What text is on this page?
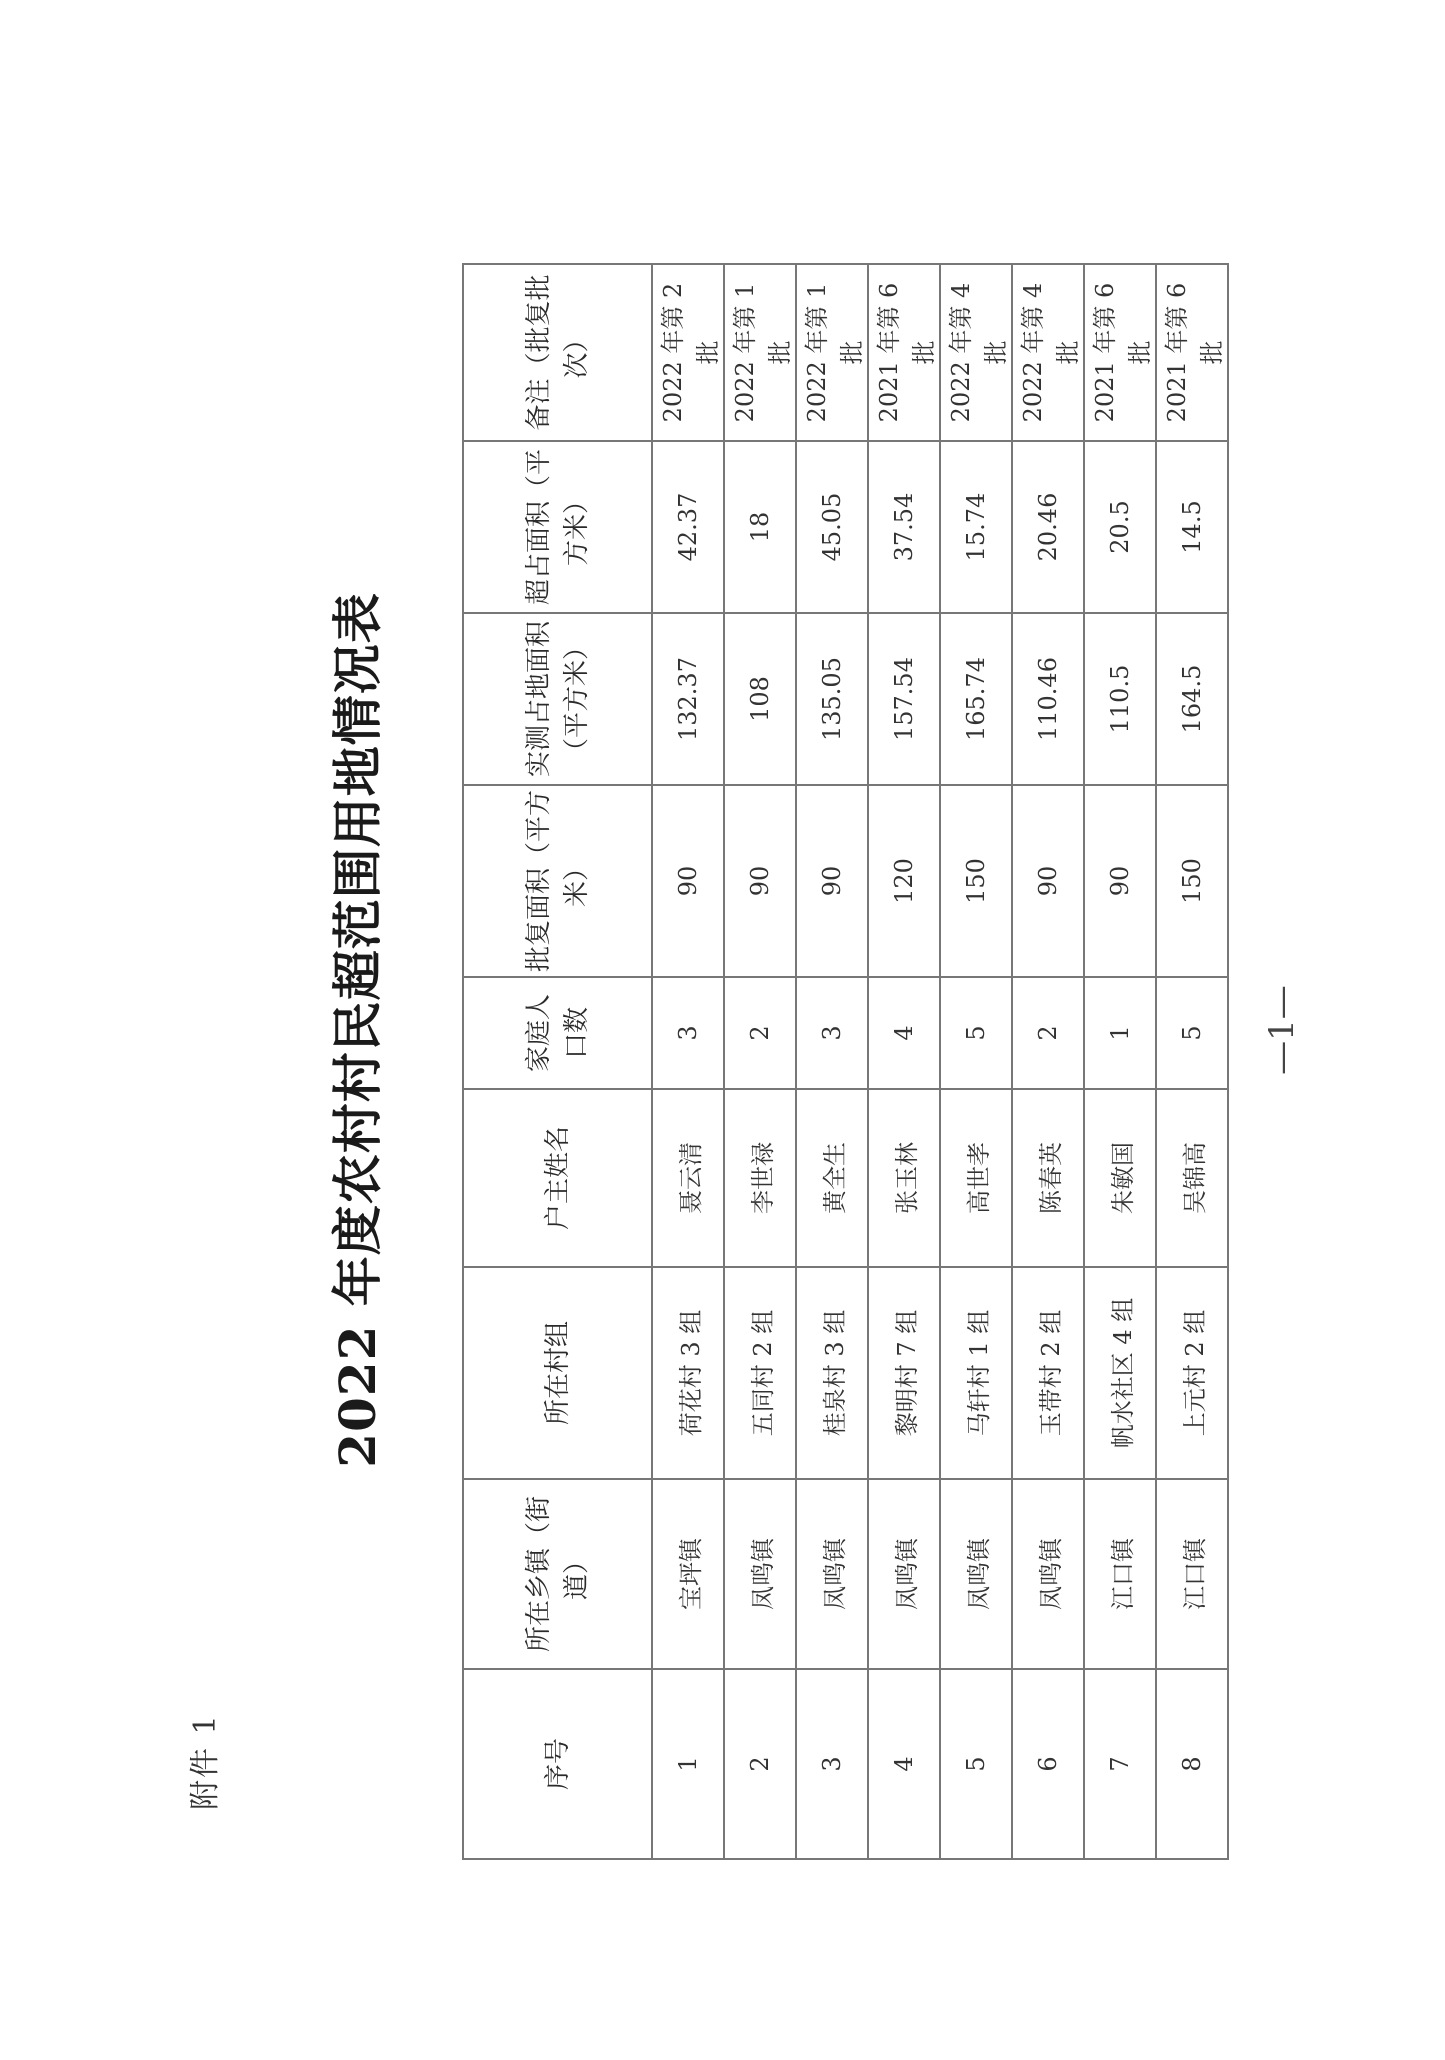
附件 1
2022 年度农村村民超范围用地情况表
序号	所在乡镇（街道）	所在村组	户主姓名	家庭人口数	批复面积（平方米）	实测占地面积（平方米）	超占面积（平方米）	备注（批复批次）
1	宝坪镇	荷花村 3 组	聂云清	3	90	132.37	42.37	2022 年第 2 批
2	凤鸣镇	五同村 2 组	李世禄	2	90	108	18	2022 年第 1 批
3	凤鸣镇	桂泉村 3 组	黄全生	3	90	135.05	45.05	2022 年第 1 批
4	凤鸣镇	黎明村 7 组	张玉林	4	120	157.54	37.54	2021 年第 6 批
5	凤鸣镇	马轩村 1 组	高世孝	5	150	165.74	15.74	2022 年第 4 批
6	凤鸣镇	玉带村 2 组	陈春英	2	90	110.46	20.46	2022 年第 4 批
7	江口镇	帆水社区 4 组	朱敏国	1	90	110.5	20.5	2021 年第 6 批
8	江口镇	上元村 2 组	吴锦高	5	150	164.5	14.5	2021 年第 6 批
—1—
